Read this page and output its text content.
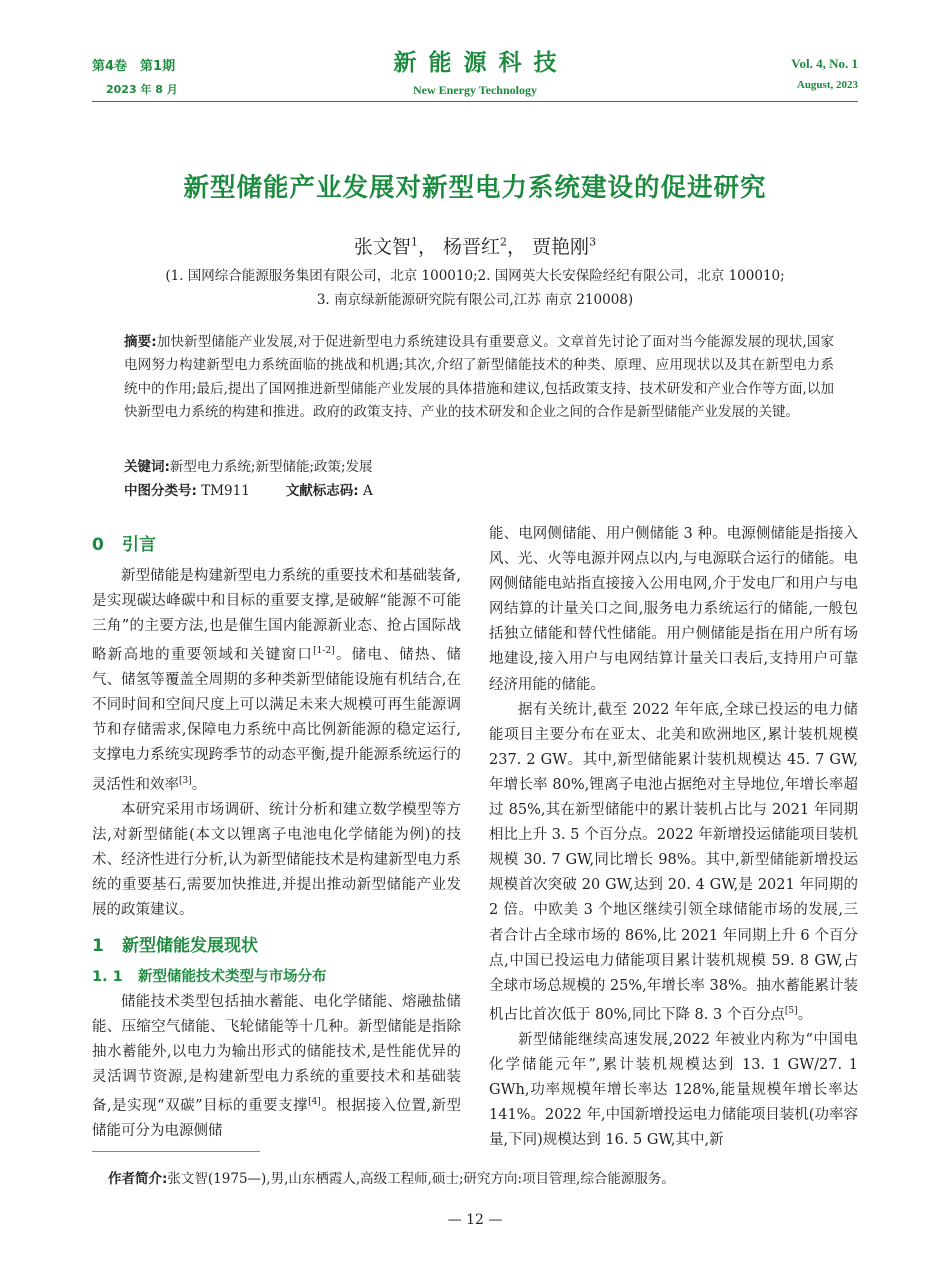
第4卷　第1期
2023 年 8 月
新能源科技
New Energy Technology
Vol. 4, No. 1
August, 2023
新型储能产业发展对新型电力系统建设的促进研究
张文智$^1$， 杨晋红$^2$， 贾艳刚$^3$
(1. 国网综合能源服务集团有限公司，北京 100010;2. 国网英大长安保险经纪有限公司，北京 100010;
3. 南京绿新能源研究院有限公司,江苏 南京 210008)
摘要:加快新型储能产业发展,对于促进新型电力系统建设具有重要意义。文章首先讨论了面对当今能源发展的现状,国家电网努力构建新型电力系统面临的挑战和机遇;其次,介绍了新型储能技术的种类、原理、应用现状以及其在新型电力系统中的作用;最后,提出了国网推进新型储能产业发展的具体措施和建议,包括政策支持、技术研发和产业合作等方面,以加快新型电力系统的构建和推进。政府的政策支持、产业的技术研发和企业之间的合作是新型储能产业发展的关键。
关键词:新型电力系统;新型储能;政策;发展
中图分类号: TM911	文献标志码: A
0 引言

新型储能是构建新型电力系统的重要技术和基础装备,是实现碳达峰碳中和目标的重要支撑,是破解“能源不可能三角”的主要方法,也是催生国内能源新业态、抢占国际战略新高地的重要领域和关键窗口[1-2]。储电、储热、储气、储氢等覆盖全周期的多种类新型储能设施有机结合,在不同时间和空间尺度上可以满足未来大规模可再生能源调节和存储需求,保障电力系统中高比例新能源的稳定运行,支撑电力系统实现跨季节的动态平衡,提升能源系统运行的灵活性和效率[3]。

本研究采用市场调研、统计分析和建立数学模型等方法,对新型储能(本文以锂离子电池电化学储能为例)的技术、经济性进行分析,认为新型储能技术是构建新型电力系统的重要基石,需要加快推进,并提出推动新型储能产业发展的政策建议。

1 新型储能发展现状
1. 1 新型储能技术类型与市场分布

储能技术类型包括抽水蓄能、电化学储能、熔融盐储能、压缩空气储能、飞轮储能等十几种。新型储能是指除抽水蓄能外,以电力为输出形式的储能技术,是性能优异的灵活调节资源,是构建新型电力系统的重要技术和基础装备,是实现“双碳”目标的重要支撑[4]。根据接入位置,新型储能可分为电源侧储

能、电网侧储能、用户侧储能 3 种。电源侧储能是指接入风、光、火等电源并网点以内,与电源联合运行的储能。电网侧储能电站指直接接入公用电网,介于发电厂和用户与电网结算的计量关口之间,服务电力系统运行的储能,一般包括独立储能和替代性储能。用户侧储能是指在用户所有场地建设,接入用户与电网结算计量关口表后,支持用户可靠经济用能的储能。

据有关统计,截至 2022 年年底,全球已投运的电力储能项目主要分布在亚太、北美和欧洲地区,累计装机规模 237. 2 GW。其中,新型储能累计装机规模达 45. 7 GW,年增长率 80%,锂离子电池占据绝对主导地位,年增长率超过 85%,其在新型储能中的累计装机占比与 2021 年同期相比上升 3. 5 个百分点。2022 年新增投运储能项目装机规模 30. 7 GW,同比增长 98%。其中,新型储能新增投运规模首次突破 20 GW,达到 20. 4 GW,是 2021 年同期的 2 倍。中欧美 3 个地区继续引领全球储能市场的发展,三者合计占全球市场的 86%,比 2021 年同期上升 6 个百分点,中国已投运电力储能项目累计装机规模 59. 8 GW,占全球市场总规模的 25%,年增长率 38%。抽水蓄能累计装机占比首次低于 80%,同比下降 8. 3 个百分点[5]。

新型储能继续高速发展,2022 年被业内称为“中国电化学储能元年”,累计装机规模达到 13. 1 GW/27. 1 GWh,功率规模年增长率达 128%,能量规模年增长率达 141%。2022 年,中国新增投运电力储能项目装机(功率容量,下同)规模达到 16. 5 GW,其中,新

作者简介:张文智(1975—),男,山东栖霞人,高级工程师,硕士;研究方向:项目管理,综合能源服务。
— 12 —
